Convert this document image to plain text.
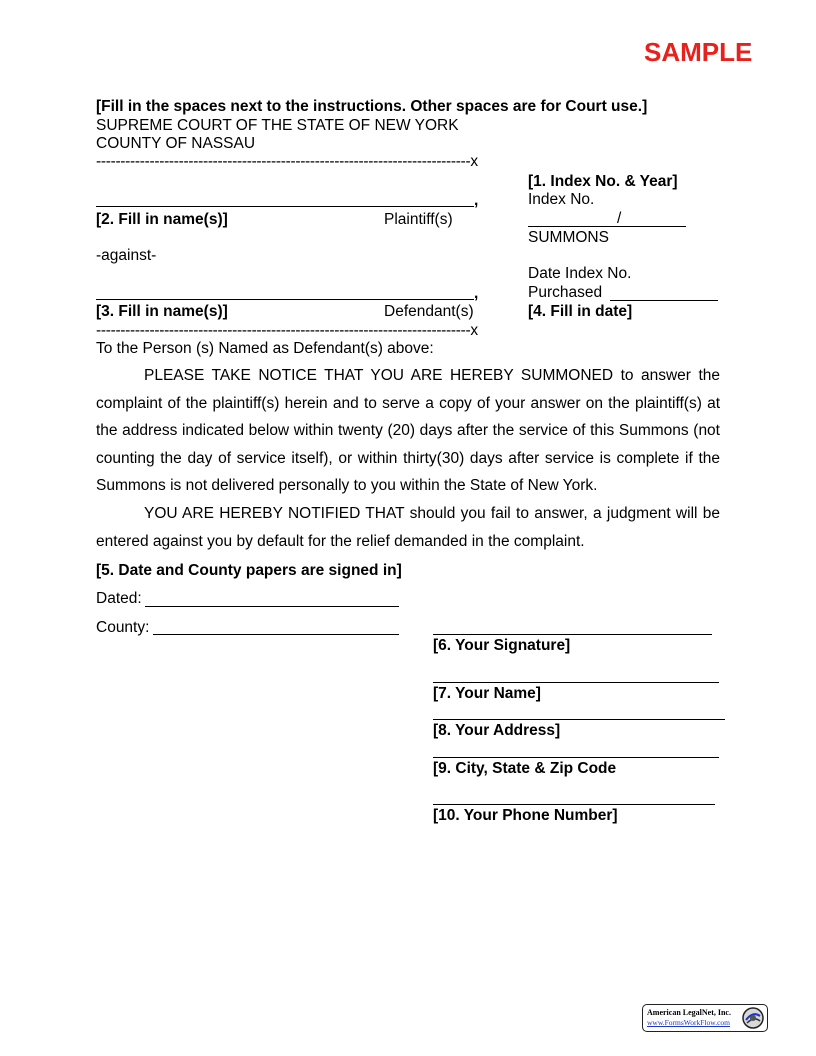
SAMPLE
[Fill in the spaces next to the instructions. Other spaces are for Court use.]
SUPREME COURT OF THE STATE OF NEW YORK
COUNTY OF NASSAU
-----------------------------------------------------------------------------x
,
[2. Fill in name(s)]	Plaintiff(s)
-against-
,
[3. Fill in name(s)]	Defendant(s)
-----------------------------------------------------------------------------x
[1. Index No. & Year]
Index No.
/
SUMMONS
Date Index No.
Purchased
[4. Fill in date]
To the Person (s) Named as Defendant(s) above:

PLEASE TAKE NOTICE THAT YOU ARE HEREBY SUMMONED to answer the complaint of the plaintiff(s) herein and to serve a copy of your answer on the plaintiff(s) at the address indicated below within twenty (20) days after the service of this Summons (not counting the day of service itself), or within thirty(30) days after service is complete if the Summons is not delivered personally to you within the State of New York.

YOU ARE HEREBY NOTIFIED THAT should you fail to answer, a judgment will be entered against you by default for the relief demanded in the complaint.

[5. Date and County papers are signed in]
Dated:
County:
[6. Your Signature]
[7. Your Name]
[8. Your Address]
[9. City, State & Zip Code
[10. Your Phone Number]
American LegalNet, Inc.
www.FormsWorkFlow.com
